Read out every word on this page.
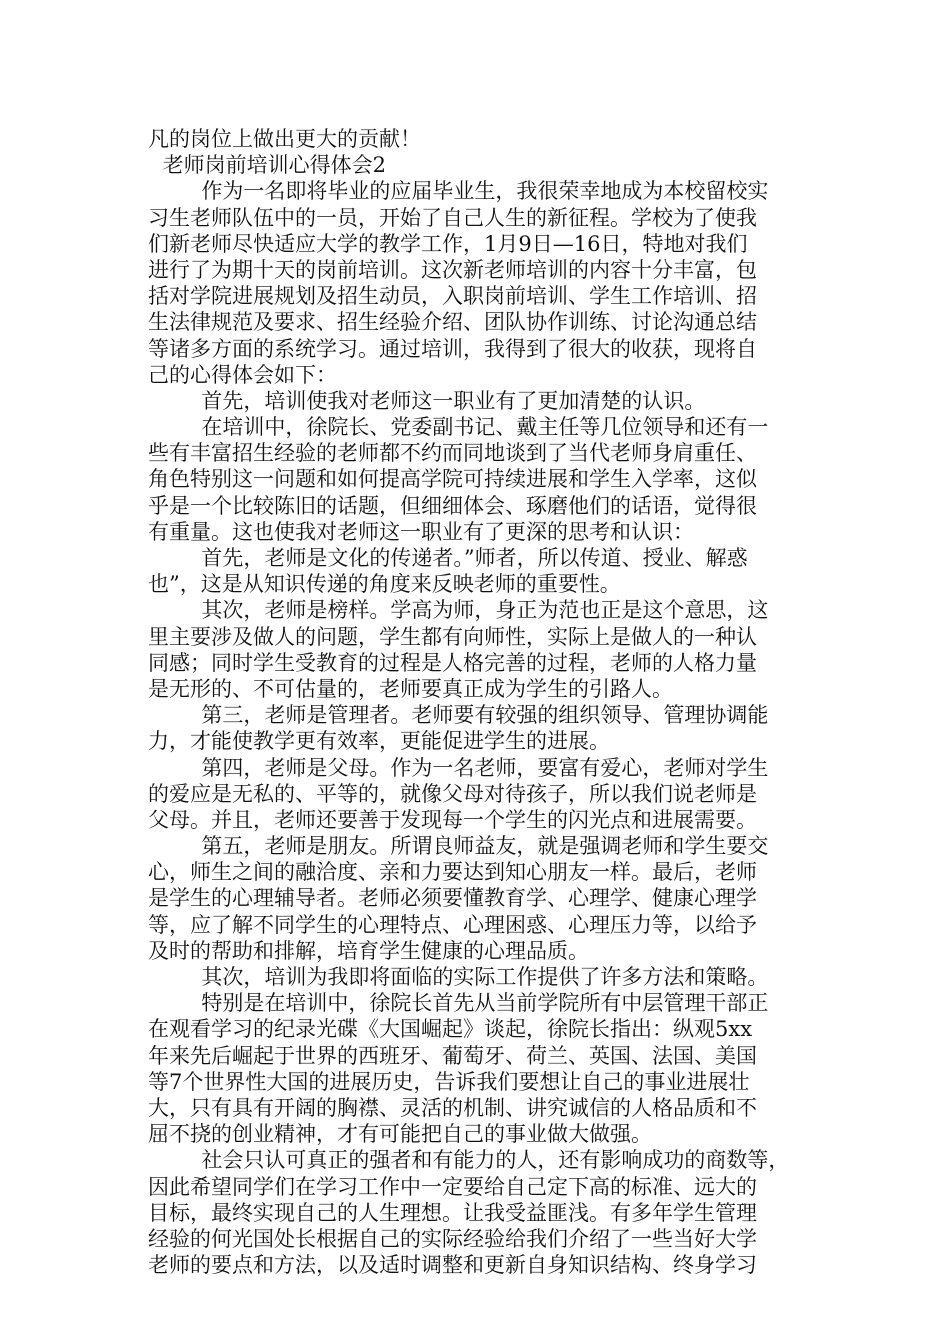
凡的岗位上做出更大的贡献！
老师岗前培训心得体会2
作为一名即将毕业的应届毕业生，我很荣幸地成为本校留校实
习生老师队伍中的一员，开始了自己人生的新征程。学校为了使我
们新老师尽快适应大学的教学工作，1月9日—16日，特地对我们
进行了为期十天的岗前培训。这次新老师培训的内容十分丰富，包
括对学院进展规划及招生动员，入职岗前培训、学生工作培训、招
生法律规范及要求、招生经验介绍、团队协作训练、讨论沟通总结
等诸多方面的系统学习。通过培训，我得到了很大的收获，现将自
己的心得体会如下：
首先，培训使我对老师这一职业有了更加清楚的认识。
在培训中，徐院长、党委副书记、戴主任等几位领导和还有一
些有丰富招生经验的老师都不约而同地谈到了当代老师身肩重任、
角色特别这一问题和如何提高学院可持续进展和学生入学率，这似
乎是一个比较陈旧的话题，但细细体会、琢磨他们的话语，觉得很
有重量。这也使我对老师这一职业有了更深的思考和认识：
首先，老师是文化的传递者。”师者，所以传道、授业、解惑
也”，这是从知识传递的角度来反映老师的重要性。
其次，老师是榜样。学高为师，身正为范也正是这个意思，这
里主要涉及做人的问题，学生都有向师性，实际上是做人的一种认
同感；同时学生受教育的过程是人格完善的过程，老师的人格力量
是无形的、不可估量的，老师要真正成为学生的引路人。
第三，老师是管理者。老师要有较强的组织领导、管理协调能
力，才能使教学更有效率，更能促进学生的进展。
第四，老师是父母。作为一名老师，要富有爱心，老师对学生
的爱应是无私的、平等的，就像父母对待孩子，所以我们说老师是
父母。并且，老师还要善于发现每一个学生的闪光点和进展需要。
第五，老师是朋友。所谓良师益友，就是强调老师和学生要交
心，师生之间的融洽度、亲和力要达到知心朋友一样。最后，老师
是学生的心理辅导者。老师必须要懂教育学、心理学、健康心理学
等，应了解不同学生的心理特点、心理困惑、心理压力等，以给予
及时的帮助和排解，培育学生健康的心理品质。
其次，培训为我即将面临的实际工作提供了许多方法和策略。
特别是在培训中，徐院长首先从当前学院所有中层管理干部正
在观看学习的纪录光碟《大国崛起》谈起，徐院长指出：纵观5xx
年来先后崛起于世界的西班牙、葡萄牙、荷兰、英国、法国、美国
等7个世界性大国的进展历史，告诉我们要想让自己的事业进展壮
大，只有具有开阔的胸襟、灵活的机制、讲究诚信的人格品质和不
屈不挠的创业精神，才有可能把自己的事业做大做强。
社会只认可真正的强者和有能力的人，还有影响成功的商数等，
因此希望同学们在学习工作中一定要给自己定下高的标准、远大的
目标，最终实现自己的人生理想。让我受益匪浅。有多年学生管理
经验的何光国处长根据自己的实际经验给我们介绍了一些当好大学
老师的要点和方法，以及适时调整和更新自身知识结构、终身学习
